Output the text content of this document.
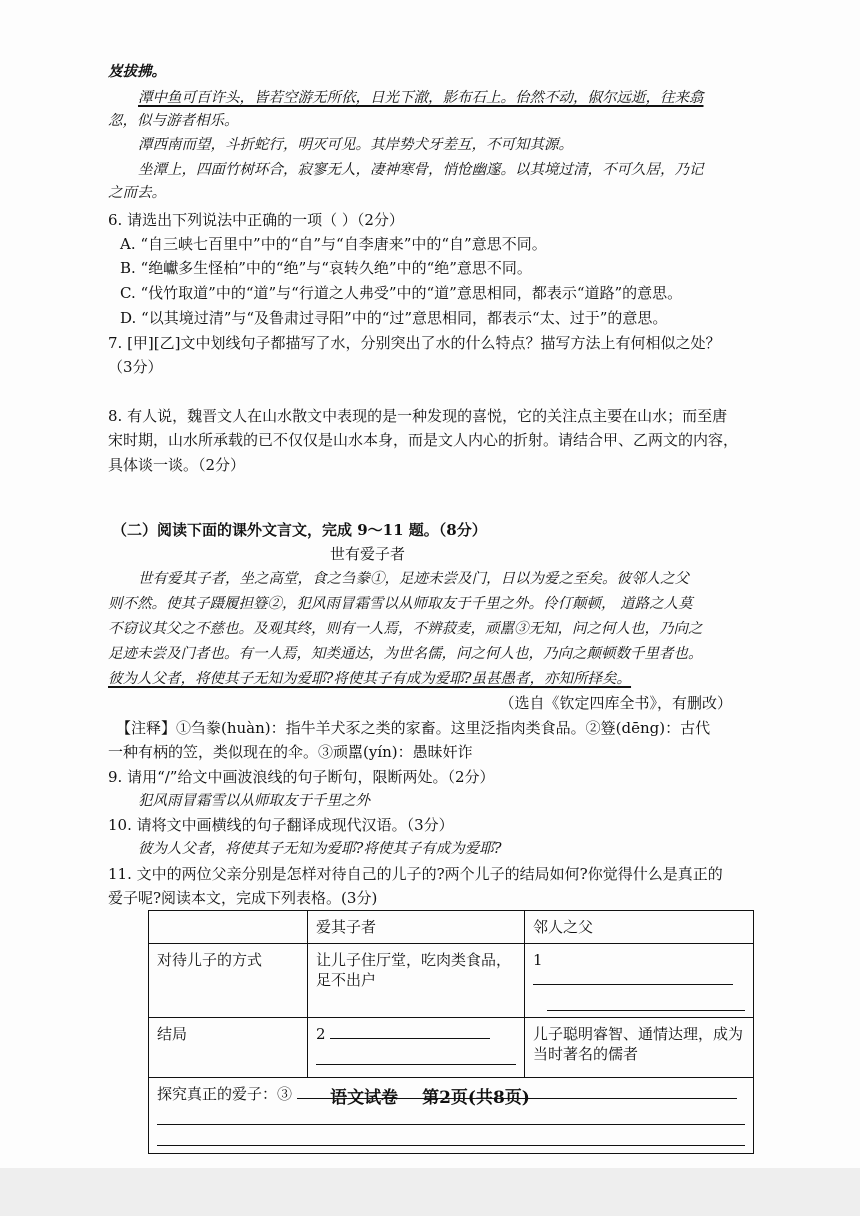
岌拔拂。
潭中鱼可百许头，皆若空游无所依，日光下澈，影布石上。佁然不动，俶尔远逝，往来翕
忽，似与游者相乐。
潭西南而望，斗折蛇行，明灭可见。其岸势犬牙差互，不可知其源。
坐潭上，四面竹树环合，寂寥无人，凄神寒骨，悄怆幽邃。以其境过清，不可久居，乃记
之而去。
6. 请选出下列说法中正确的一项（ ）（2分）
A. “自三峡七百里中”中的“自”与“自李唐来”中的“自”意思不同。
B. “绝巘多生怪柏”中的“绝”与“哀转久绝”中的“绝”意思不同。
C. “伐竹取道”中的“道”与“行道之人弗受”中的“道”意思相同，都表示“道路”的意思。
D. “以其境过清”与“及鲁肃过寻阳”中的“过”意思相同，都表示“太、过于”的意思。
7. [甲][乙]文中划线句子都描写了水，分别突出了水的什么特点？描写方法上有何相似之处？
（3分）
8. 有人说，魏晋文人在山水散文中表现的是一种发现的喜悦，它的关注点主要在山水；而至唐
宋时期，山水所承载的已不仅仅是山水本身，而是文人内心的折射。请结合甲、乙两文的内容，
具体谈一谈。（2分）
（二）阅读下面的课外文言文，完成 9～11 题。（8分）
世有爱子者
世有爱其子者，坐之高堂，食之刍豢①，足迹未尝及门，日以为爱之至矣。彼邻人之父
则不然。使其子蹑履担簦②，犯风雨冒霜雪以从师取友于千里之外。伶仃颠顿， 道路之人莫
不窃议其父之不慈也。及观其终，则有一人焉，不辨菽麦，顽嚚③无知，问之何人也，乃向之
足迹未尝及门者也。有一人焉，知类通达，为世名儒，问之何人也，乃向之颠顿数千里者也。
彼为人父者，将使其子无知为爱耶?将使其子有成为爱耶?虽甚愚者，亦知所择矣。
（选自《钦定四库全书》，有删改）
【注释】①刍豢(huàn)：指牛羊犬豕之类的家畜。这里泛指肉类食品。②簦(dēng)：古代
一种有柄的笠，类似现在的伞。③顽嚚(yín)：愚昧奸诈
9. 请用“/”给文中画波浪线的句子断句，限断两处。（2分）
犯风雨冒霜雪以从师取友于千里之外
10. 请将文中画横线的句子翻译成现代汉语。（3分）
彼为人父者，将使其子无知为爱耶?将使其子有成为爱耶?
11. 文中的两位父亲分别是怎样对待自己的儿子的?两个儿子的结局如何?你觉得什么是真正的
爱子呢?阅读本文，完成下列表格。(3分)
	爱其子者	邻人之父
对待儿子的方式	让儿子住厅堂，吃肉类食品，足不出户	1

结局	2	儿子聪明睿智、通情达理，成为当时著名的儒者
探究真正的爱子：③			语文试卷 第2页(共8页)
